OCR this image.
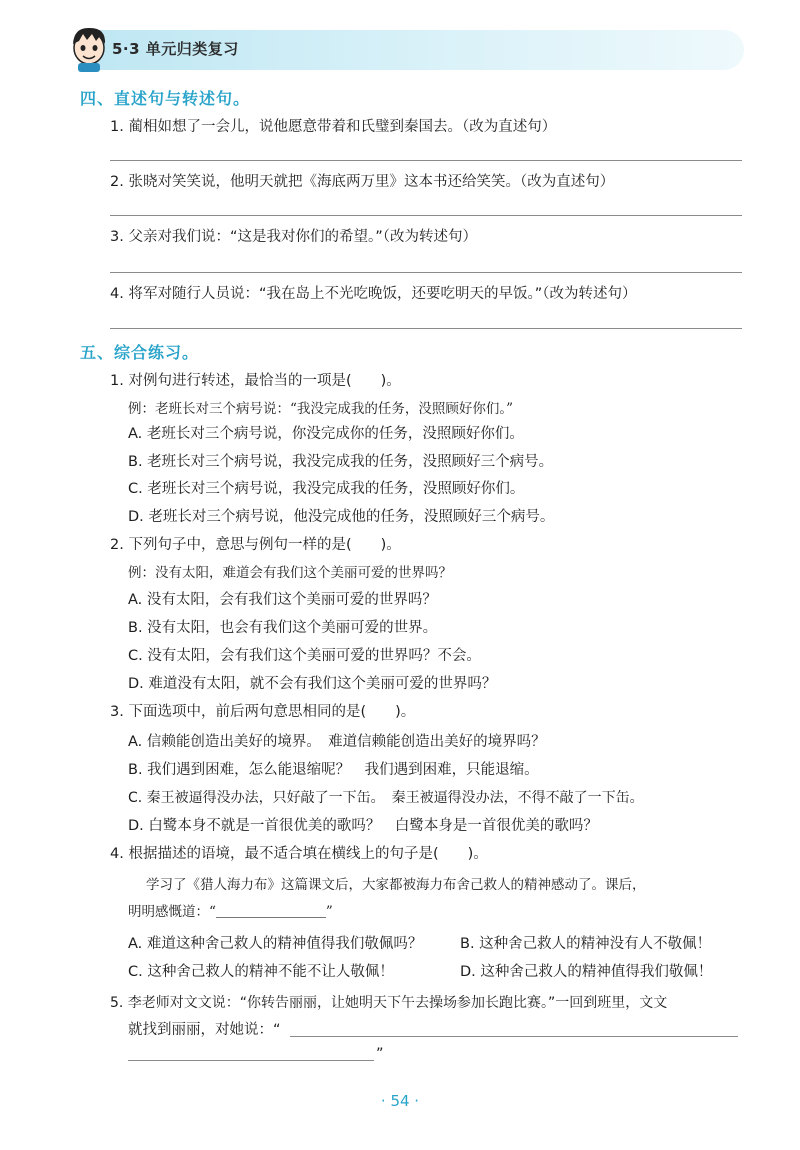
5·3 单元归类复习
四、直述句与转述句。
1. 蔺相如想了一会儿，说他愿意带着和氏璧到秦国去。（改为直述句）
2. 张晓对笑笑说，他明天就把《海底两万里》这本书还给笑笑。（改为直述句）
3. 父亲对我们说：“这是我对你们的希望。”（改为转述句）
4. 将军对随行人员说：“我在岛上不光吃晚饭，还要吃明天的早饭。”（改为转述句）
五、综合练习。
1. 对例句进行转述，最恰当的一项是(　　)。
例：老班长对三个病号说：“我没完成我的任务，没照顾好你们。”
A. 老班长对三个病号说，你没完成你的任务，没照顾好你们。
B. 老班长对三个病号说，我没完成我的任务，没照顾好三个病号。
C. 老班长对三个病号说，我没完成我的任务，没照顾好你们。
D. 老班长对三个病号说，他没完成他的任务，没照顾好三个病号。
2. 下列句子中，意思与例句一样的是(　　)。
例：没有太阳，难道会有我们这个美丽可爱的世界吗？
A. 没有太阳，会有我们这个美丽可爱的世界吗？
B. 没有太阳，也会有我们这个美丽可爱的世界。
C. 没有太阳，会有我们这个美丽可爱的世界吗？不会。
D. 难道没有太阳，就不会有我们这个美丽可爱的世界吗？
3. 下面选项中，前后两句意思相同的是(　　)。
A. 信赖能创造出美好的境界。　难道信赖能创造出美好的境界吗？
B. 我们遇到困难，怎么能退缩呢？　我们遇到困难，只能退缩。
C. 秦王被逼得没办法，只好敲了一下缶。　秦王被逼得没办法，不得不敲了一下缶。
D. 白鹭本身不就是一首很优美的歌吗？　白鹭本身是一首很优美的歌吗？
4. 根据描述的语境，最不适合填在横线上的句子是(　　)。
学习了《猎人海力布》这篇课文后，大家都被海力布舍己救人的精神感动了。课后，
明明感慨道：“	”
A. 难道这种舍己救人的精神值得我们敬佩吗？	B. 这种舍己救人的精神没有人不敬佩！
C. 这种舍己救人的精神不能不让人敬佩！	D. 这种舍己救人的精神值得我们敬佩！
5. 李老师对文文说：“你转告丽丽，让她明天下午去操场参加长跑比赛。”一回到班里，文文
就找到丽丽，对她说：“
”
· 54 ·
